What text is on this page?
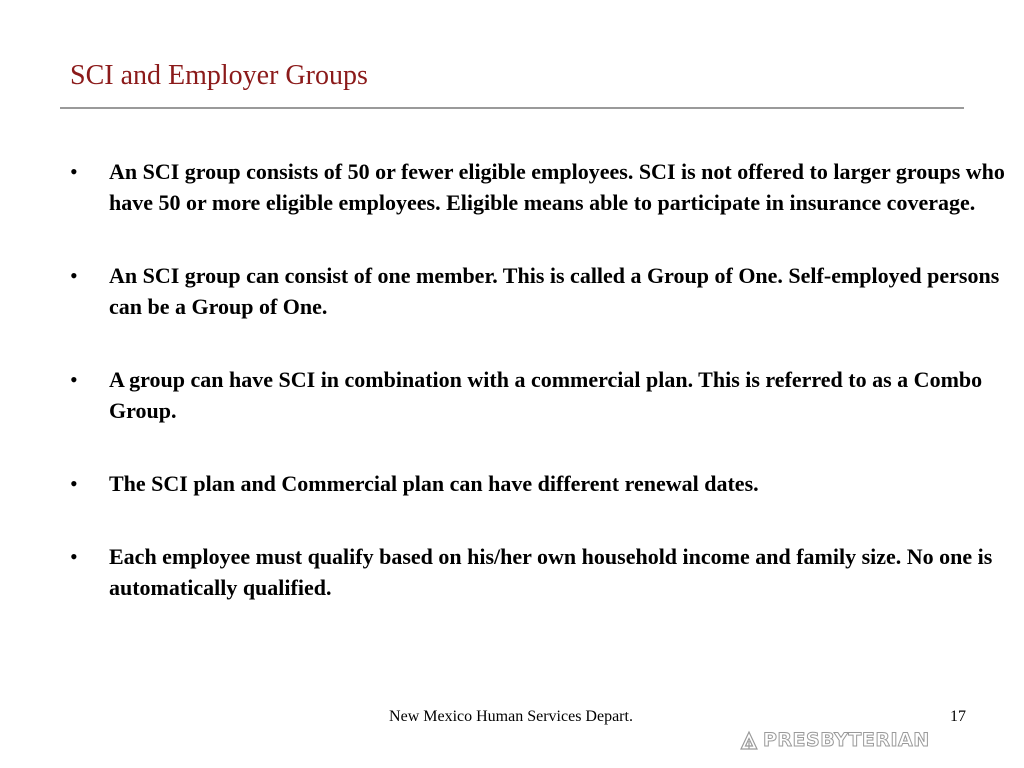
SCI and Employer Groups
•	An SCI group consists of 50 or fewer eligible employees. SCI is not offered to larger groups who have 50 or more eligible employees. Eligible means able to participate in insurance coverage.
•	An SCI group can consist of one member. This is called a Group of One. Self-employed persons can be a Group of One.
•	A group can have SCI in combination with a commercial plan. This is referred to as a Combo Group.
•	The SCI plan and Commercial plan can have different renewal dates.
•	Each employee must qualify based on his/her own household income and family size. No one is automatically qualified.
New Mexico Human Services Depart.	17
PRESBYTERIAN
